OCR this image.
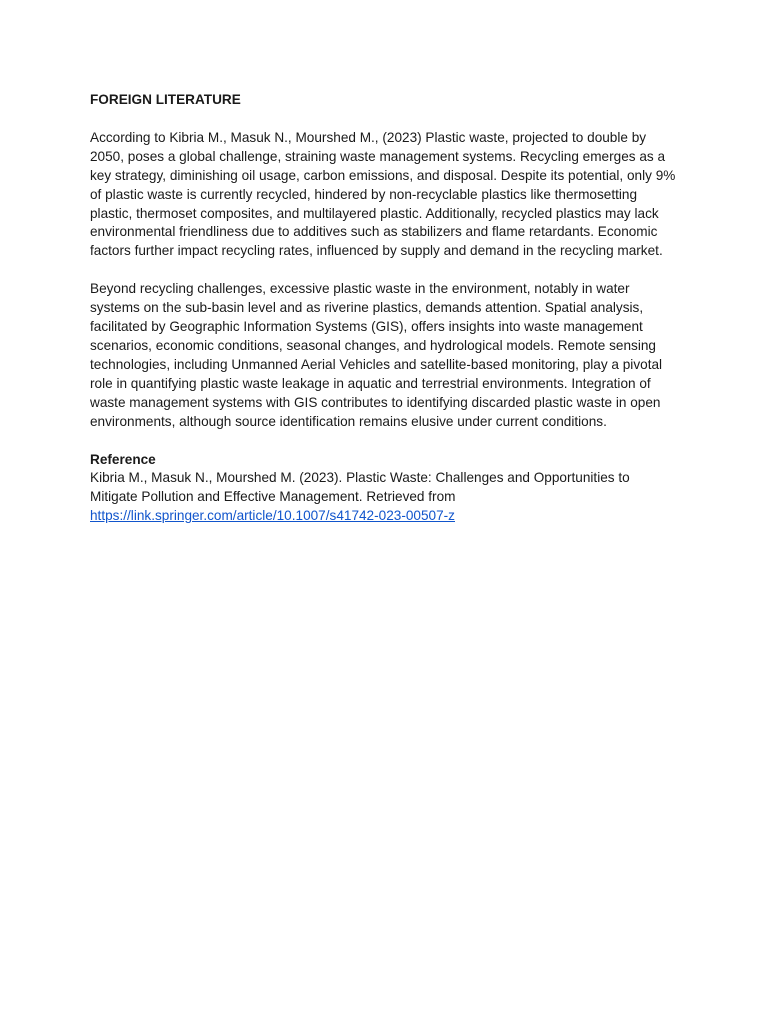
FOREIGN LITERATURE
According to Kibria M., Masuk N., Mourshed M., (2023) Plastic waste, projected to double by 2050, poses a global challenge, straining waste management systems. Recycling emerges as a key strategy, diminishing oil usage, carbon emissions, and disposal. Despite its potential, only 9% of plastic waste is currently recycled, hindered by non-recyclable plastics like thermosetting plastic, thermoset composites, and multilayered plastic. Additionally, recycled plastics may lack environmental friendliness due to additives such as stabilizers and flame retardants. Economic factors further impact recycling rates, influenced by supply and demand in the recycling market.
Beyond recycling challenges, excessive plastic waste in the environment, notably in water systems on the sub-basin level and as riverine plastics, demands attention. Spatial analysis, facilitated by Geographic Information Systems (GIS), offers insights into waste management scenarios, economic conditions, seasonal changes, and hydrological models. Remote sensing technologies, including Unmanned Aerial Vehicles and satellite-based monitoring, play a pivotal role in quantifying plastic waste leakage in aquatic and terrestrial environments. Integration of waste management systems with GIS contributes to identifying discarded plastic waste in open environments, although source identification remains elusive under current conditions.
Reference
Kibria M., Masuk N., Mourshed M. (2023). Plastic Waste: Challenges and Opportunities to Mitigate Pollution and Effective Management. Retrieved from
https://link.springer.com/article/10.1007/s41742-023-00507-z
